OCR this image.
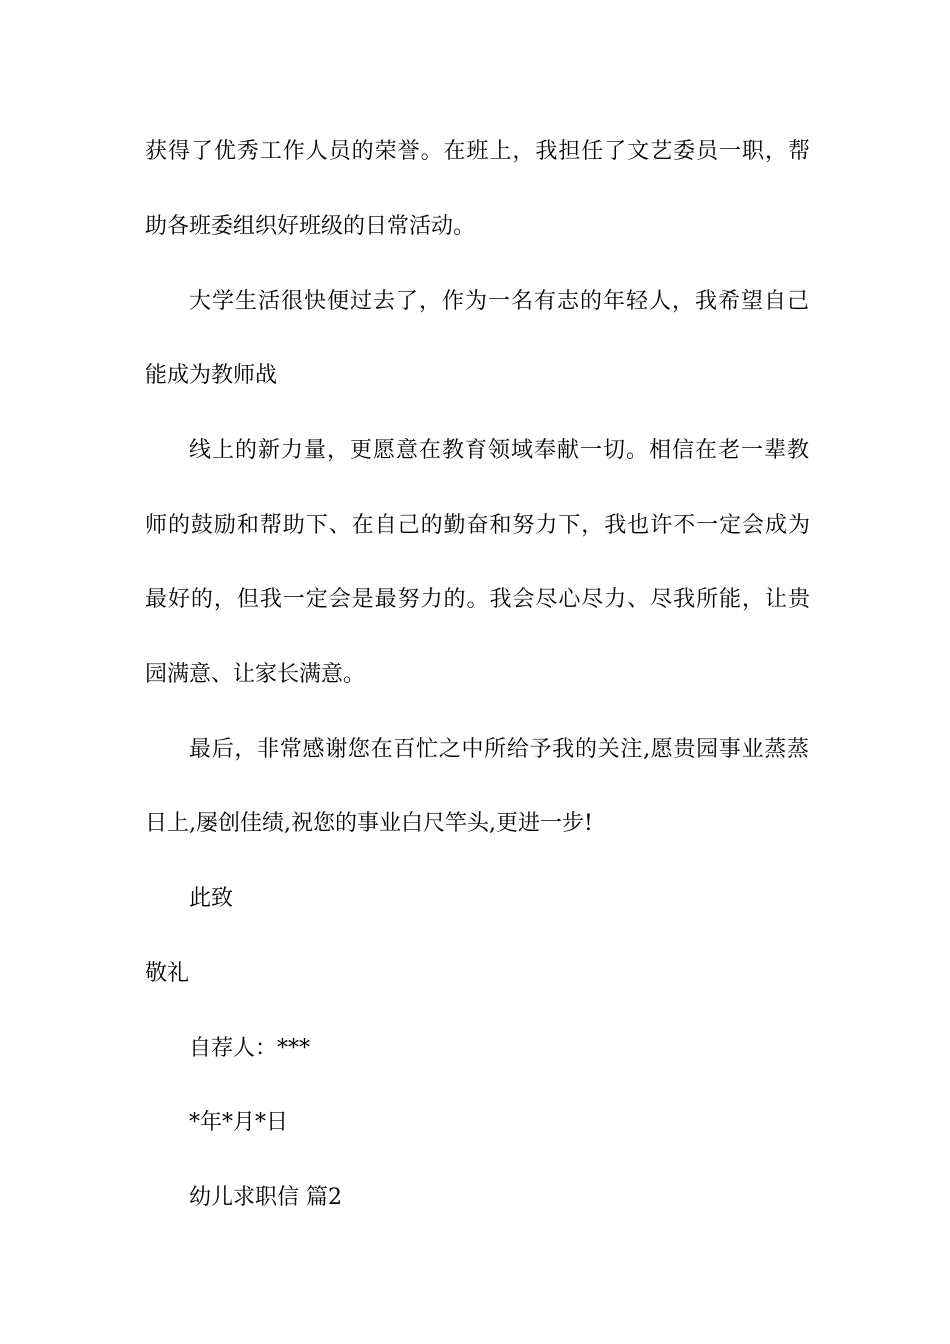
获得了优秀工作人员的荣誉。在班上，我担任了文艺委员一职，帮
助各班委组织好班级的日常活动。
大学生活很快便过去了，作为一名有志的年轻人，我希望自己
能成为教师战
线上的新力量，更愿意在教育领域奉献一切。相信在老一辈教
师的鼓励和帮助下、在自己的勤奋和努力下，我也许不一定会成为
最好的，但我一定会是最努力的。我会尽心尽力、尽我所能，让贵
园满意、让家长满意。
最后，非常感谢您在百忙之中所给予我的关注,愿贵园事业蒸蒸
日上,屡创佳绩,祝您的事业白尺竿头,更进一步!
此致
敬礼
自荐人：***
*年*月*日
幼儿求职信 篇2
